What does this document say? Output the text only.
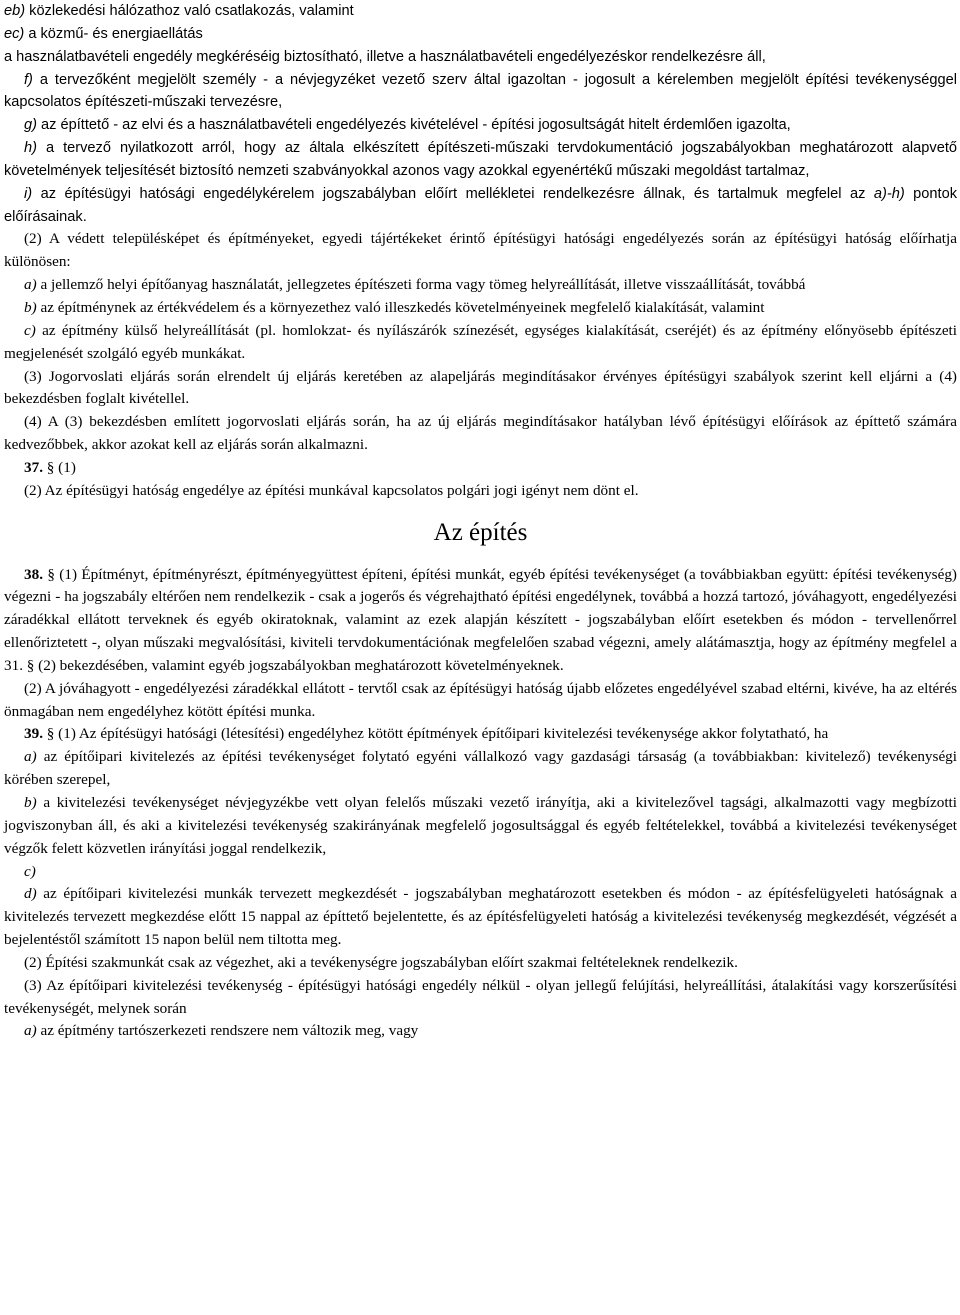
eb) közlekedési hálózathoz való csatlakozás, valamint

ec) a közmű- és energiaellátás

a használatbavételi engedély megkéréséig biztosítható, illetve a használatbavételi engedélyezéskor rendelkezésre áll,

f) a tervezőként megjelölt személy - a névjegyzéket vezető szerv által igazoltan - jogosult a kérelemben megjelölt építési tevékenységgel kapcsolatos építészeti-műszaki tervezésre,

g) az építtető - az elvi és a használatbavételi engedélyezés kivételével - építési jogosultságát hitelt érdemlően igazolta,

h) a tervező nyilatkozott arról, hogy az általa elkészített építészeti-műszaki tervdokumentáció jogszabályokban meghatározott alapvető követelmények teljesítését biztosító nemzeti szabványokkal azonos vagy azokkal egyenértékű műszaki megoldást tartalmaz,

i) az építésügyi hatósági engedélykérelem jogszabályban előírt mellékletei rendelkezésre állnak, és tartalmuk megfelel az a)-h) pontok előírásainak.

(2) A védett településképet és építményeket, egyedi tájértékeket érintő építésügyi hatósági engedélyezés során az építésügyi hatóság előírhatja különösen:

a) a jellemző helyi építőanyag használatát, jellegzetes építészeti forma vagy tömeg helyreállítását, illetve visszaállítását, továbbá

b) az építménynek az értékvédelem és a környezethez való illeszkedés követelményeinek megfelelő kialakítását, valamint

c) az építmény külső helyreállítását (pl. homlokzat- és nyílászárók színezését, egységes kialakítását, cseréjét) és az építmény előnyösebb építészeti megjelenését szolgáló egyéb munkákat.

(3) Jogorvoslati eljárás során elrendelt új eljárás keretében az alapeljárás megindításakor érvényes építésügyi szabályok szerint kell eljárni a (4) bekezdésben foglalt kivétellel.

(4) A (3) bekezdésben említett jogorvoslati eljárás során, ha az új eljárás megindításakor hatályban lévő építésügyi előírások az építtető számára kedvezőbbek, akkor azokat kell az eljárás során alkalmazni.

37. § (1)

(2) Az építésügyi hatóság engedélye az építési munkával kapcsolatos polgári jogi igényt nem dönt el.

Az építés

38. § (1) Építményt, építményrészt, építményegyüttest építeni, építési munkát, egyéb építési tevékenységet (a továbbiakban együtt: építési tevékenység) végezni - ha jogszabály eltérően nem rendelkezik - csak a jogerős és végrehajtható építési engedélynek, továbbá a hozzá tartozó, jóváhagyott, engedélyezési záradékkal ellátott terveknek és egyéb okiratoknak, valamint az ezek alapján készített - jogszabályban előírt esetekben és módon - tervellenőrrel ellenőriztetett -, olyan műszaki megvalósítási, kiviteli tervdokumentációnak megfelelően szabad végezni, amely alátámasztja, hogy az építmény megfelel a 31. § (2) bekezdésében, valamint egyéb jogszabályokban meghatározott követelményeknek.

(2) A jóváhagyott - engedélyezési záradékkal ellátott - tervtől csak az építésügyi hatóság újabb előzetes engedélyével szabad eltérni, kivéve, ha az eltérés önmagában nem engedélyhez kötött építési munka.

39. § (1) Az építésügyi hatósági (létesítési) engedélyhez kötött építmények építőipari kivitelezési tevékenysége akkor folytatható, ha

a) az építőipari kivitelezés az építési tevékenységet folytató egyéni vállalkozó vagy gazdasági társaság (a továbbiakban: kivitelező) tevékenységi körében szerepel,

b) a kivitelezési tevékenységet névjegyzékbe vett olyan felelős műszaki vezető irányítja, aki a kivitelezővel tagsági, alkalmazotti vagy megbízotti jogviszonyban áll, és aki a kivitelezési tevékenység szakirányának megfelelő jogosultsággal és egyéb feltételekkel, továbbá a kivitelezési tevékenységet végzők felett közvetlen irányítási joggal rendelkezik,

c)

d) az építőipari kivitelezési munkák tervezett megkezdését - jogszabályban meghatározott esetekben és módon - az építésfelügyeleti hatóságnak a kivitelezés tervezett megkezdése előtt 15 nappal az építtető bejelentette, és az építésfelügyeleti hatóság a kivitelezési tevékenység megkezdését, végzését a bejelentéstől számított 15 napon belül nem tiltotta meg.

(2) Építési szakmunkát csak az végezhet, aki a tevékenységre jogszabályban előírt szakmai feltételeknek rendelkezik.

(3) Az építőipari kivitelezési tevékenység - építésügyi hatósági engedély nélkül - olyan jellegű felújítási, helyreállítási, átalakítási vagy korszerűsítési tevékenységét, melynek során

a) az építmény tartószerkezeti rendszere nem változik meg, vagy
